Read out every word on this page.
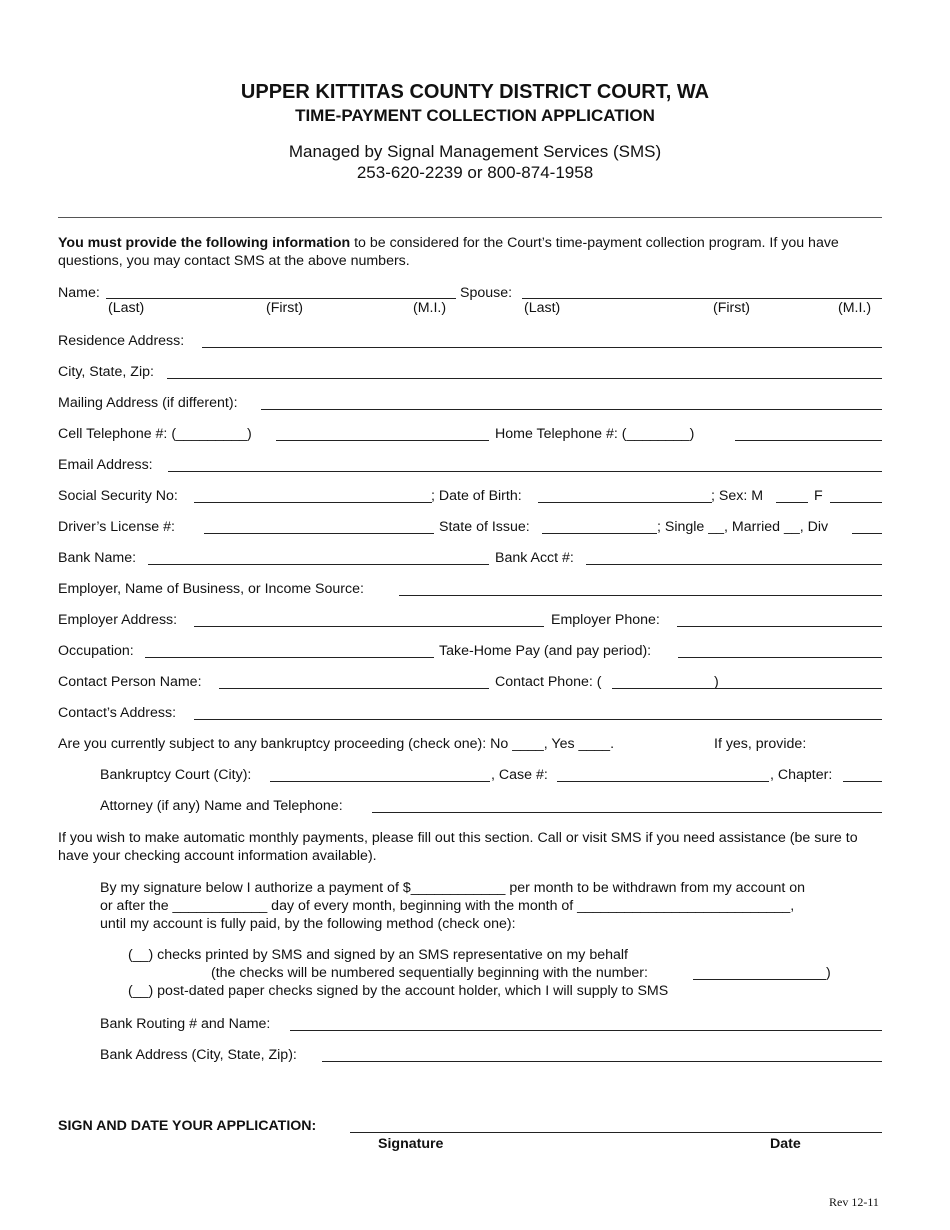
UPPER KITTITAS COUNTY DISTRICT COURT, WA
TIME-PAYMENT COLLECTION APPLICATION
Managed by Signal Management Services (SMS)
253-620-2239 or 800-874-1958
You must provide the following information to be considered for the Court’s time-payment collection program. If you have questions, you may contact SMS at the above numbers.
Name:	Spouse:
(Last)	(First)	(M.I.)	(Last)	(First)	(M.I.)
Residence Address:
City, State, Zip:
Mailing Address (if different):
Cell Telephone #: (_________)	Home Telephone #: (________)
Email Address:
Social Security No:	; Date of Birth:	; Sex: M	F
Driver’s License #:	State of Issue:	; Single __, Married __, Div
Bank Name:	Bank Acct #:
Employer, Name of Business, or Income Source:
Employer Address:	Employer Phone:
Occupation:	Take-Home Pay (and pay period):
Contact Person Name:	Contact Phone: (	)
Contact’s Address:
Are you currently subject to any bankruptcy proceeding (check one): No ____, Yes ____.	If yes, provide:
Bankruptcy Court (City):	, Case #:	, Chapter:
Attorney (if any) Name and Telephone:
If you wish to make automatic monthly payments, please fill out this section. Call or visit SMS if you need assistance (be sure to have your checking account information available).
By my signature below I authorize a payment of $____________ per month to be withdrawn from my account on
or after the ____________ day of every month, beginning with the month of ___________________________,
until my account is fully paid, by the following method (check one):
(__) checks printed by SMS and signed by an SMS representative on my behalf
(the checks will be numbered sequentially beginning with the number:	)
(__) post-dated paper checks signed by the account holder, which I will supply to SMS
Bank Routing # and Name:
Bank Address (City, State, Zip):
SIGN AND DATE YOUR APPLICATION:
Signature	Date
Rev 12-11
